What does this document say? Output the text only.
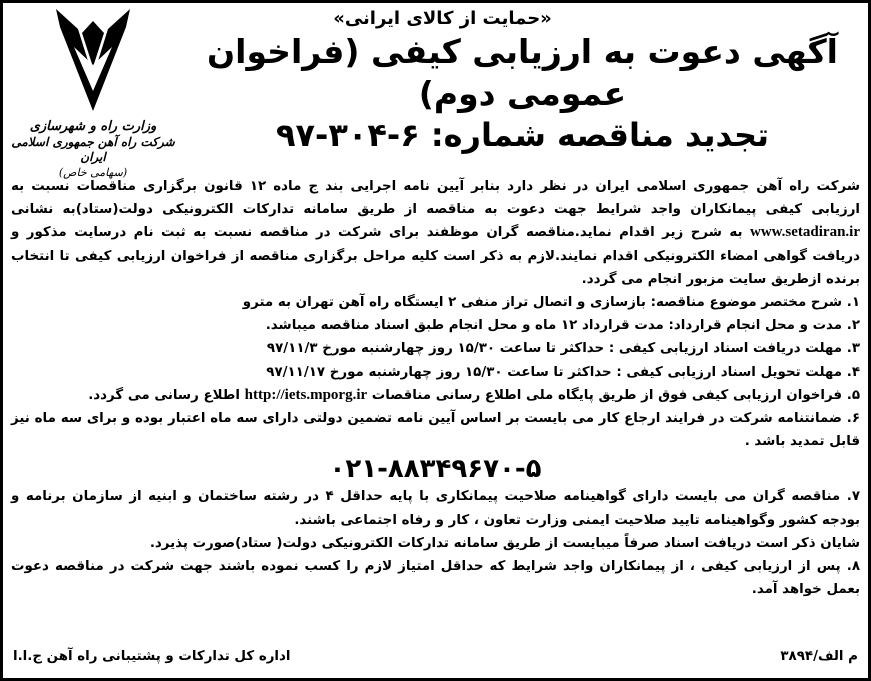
وزارت راه و شهرسازی
شرکت راه آهن جمهوری اسلامی ایران
(سهامی خاص)
«حمایت از کالای ایرانی»
آگهی دعوت به ارزیابی کیفی (فراخوان عمومی دوم)
تجدید مناقصه شماره: ۶-۳۰۴-۹۷

شرکت راه آهن جمهوری اسلامی ایران در نظر دارد بنابر آیین نامه اجرایی بند ج ماده ۱۲ قانون برگزاری مناقصات نسبت به ارزیابی کیفی پیمانکاران واجد شرایط جهت دعوت به مناقصه از طریق سامانه تدارکات الکترونیکی دولت(ستاد)به نشانی www.setadiran.ir به شرح زیر اقدام نماید.مناقصه گران موظفند برای شرکت در مناقصه نسبت به ثبت نام درسایت مذکور و دریافت گواهی امضاء الکترونیکی اقدام نمایند.لازم به ذکر است کلیه مراحل برگزاری مناقصه از فراخوان ارزیابی کیفی تا انتخاب برنده ازطریق سایت مزبور انجام می گردد.

۱. شرح مختصر موضوع مناقصه: بازسازی و اتصال تراز منفی ۲ ایستگاه راه آهن تهران به مترو

۲. مدت و محل انجام قرارداد: مدت قرارداد ۱۲ ماه و محل انجام طبق اسناد مناقصه میباشد.

۳. مهلت دریافت اسناد ارزیابی کیفی : حداکثر تا ساعت ۱۵/۳۰ روز چهارشنبه مورخ ۹۷/۱۱/۳

۴. مهلت تحویل اسناد ارزیابی کیفی : حداکثر تا ساعت ۱۵/۳۰ روز چهارشنبه مورخ ۹۷/۱۱/۱۷

۵. فراخوان ارزیابی کیفی فوق از طریق پایگاه ملی اطلاع رسانی مناقصات http://iets.mporg.ir اطلاع رسانی می گردد.

۶. ضمانتنامه شرکت در فرایند ارجاع کار می بایست بر اساس آیین نامه تضمین دولتی دارای سه ماه اعتبار بوده و برای سه ماه نیز قابل تمدید باشد .

۰۲۱-۸۸۳۴۹۶۷۰-۵

۷. مناقصه گران می بایست دارای گواهینامه صلاحیت پیمانکاری با پایه حداقل ۴ در رشته ساختمان و ابنیه از سازمان برنامه و بودجه کشور وگواهینامه تایید صلاحیت ایمنی وزارت تعاون ، کار و رفاه اجتماعی باشند.

شایان ذکر است دریافت اسناد صرفاً میبایست از طریق سامانه تدارکات الکترونیکی دولت( ستاد)صورت پذیرد.

۸. پس از ارزیابی کیفی ، از پیمانکاران واجد شرایط که حداقل امتیاز لازم را کسب نموده باشند جهت شرکت در مناقصه دعوت بعمل خواهد آمد.

م الف/۳۸۹۴
اداره کل تدارکات و پشتیبانی راه آهن ج.ا.ا
